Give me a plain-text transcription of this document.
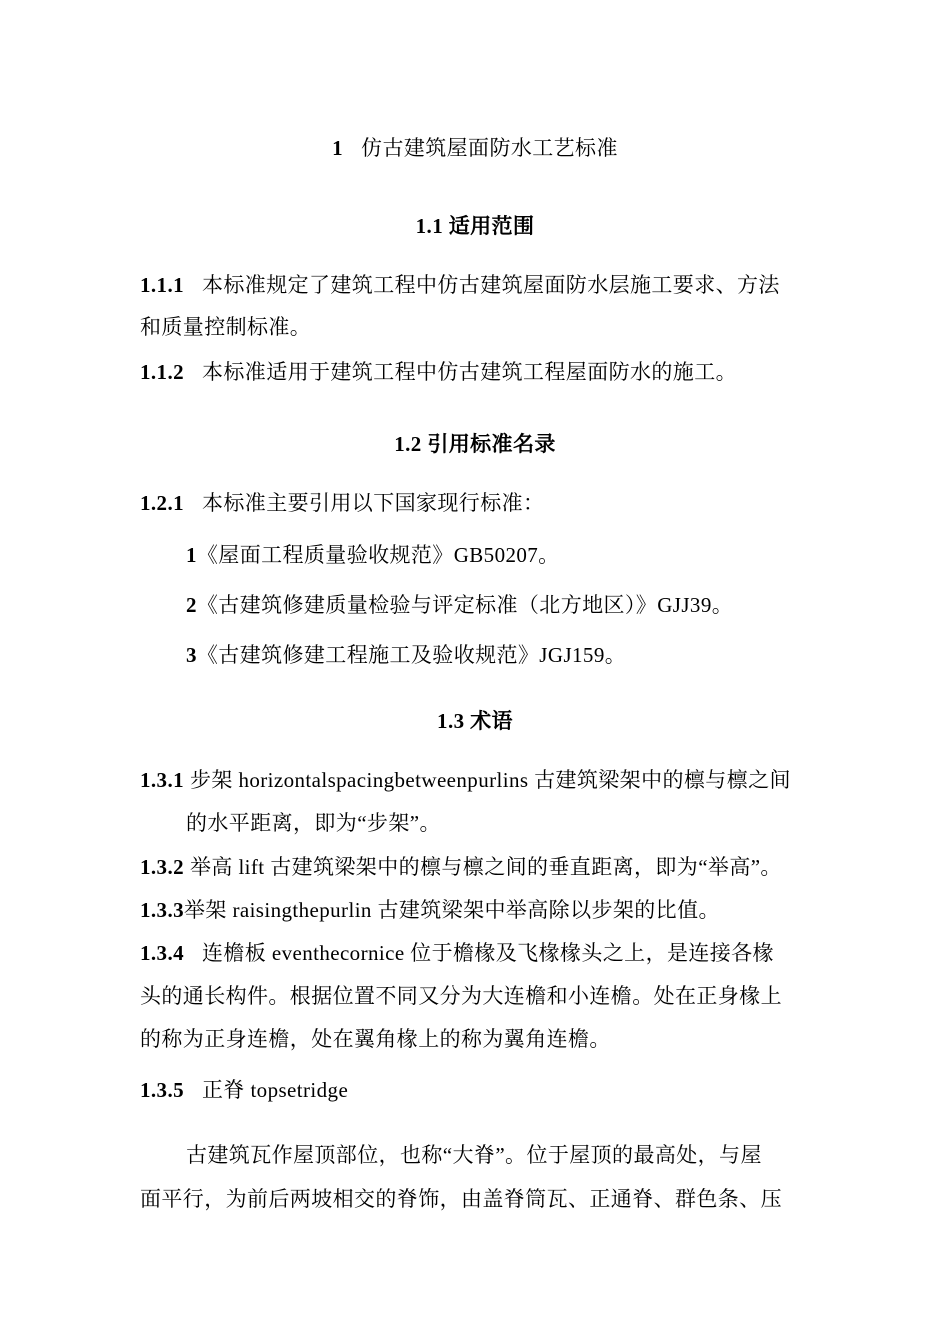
1 仿古建筑屋面防水工艺标准
1.1 适用范围
1.1.1 本标准规定了建筑工程中仿古建筑屋面防水层施工要求、方法
和质量控制标准。
1.1.2 本标准适用于建筑工程中仿古建筑工程屋面防水的施工。
1.2 引用标准名录
1.2.1 本标准主要引用以下国家现行标准：
1《屋面工程质量验收规范》GB50207。
2《古建筑修建质量检验与评定标准（北方地区）》GJJ39。
3《古建筑修建工程施工及验收规范》JGJ159。
1.3 术语
1.3.1 步架 horizontalspacingbetweenpurlins 古建筑梁架中的檩与檩之间
的水平距离，即为“步架”。
1.3.2 举高 lift 古建筑梁架中的檩与檩之间的垂直距离，即为“举高”。
1.3.3举架 raisingthepurlin 古建筑梁架中举高除以步架的比值。
1.3.4 连檐板 eventhecornice 位于檐椽及飞椽椽头之上，是连接各椽
头的通长构件。根据位置不同又分为大连檐和小连檐。处在正身椽上
的称为正身连檐，处在翼角椽上的称为翼角连檐。
1.3.5 正脊 topsetridge
古建筑瓦作屋顶部位，也称“大脊”。位于屋顶的最高处，与屋
面平行，为前后两坡相交的脊饰，由盖脊筒瓦、正通脊、群色条、压
